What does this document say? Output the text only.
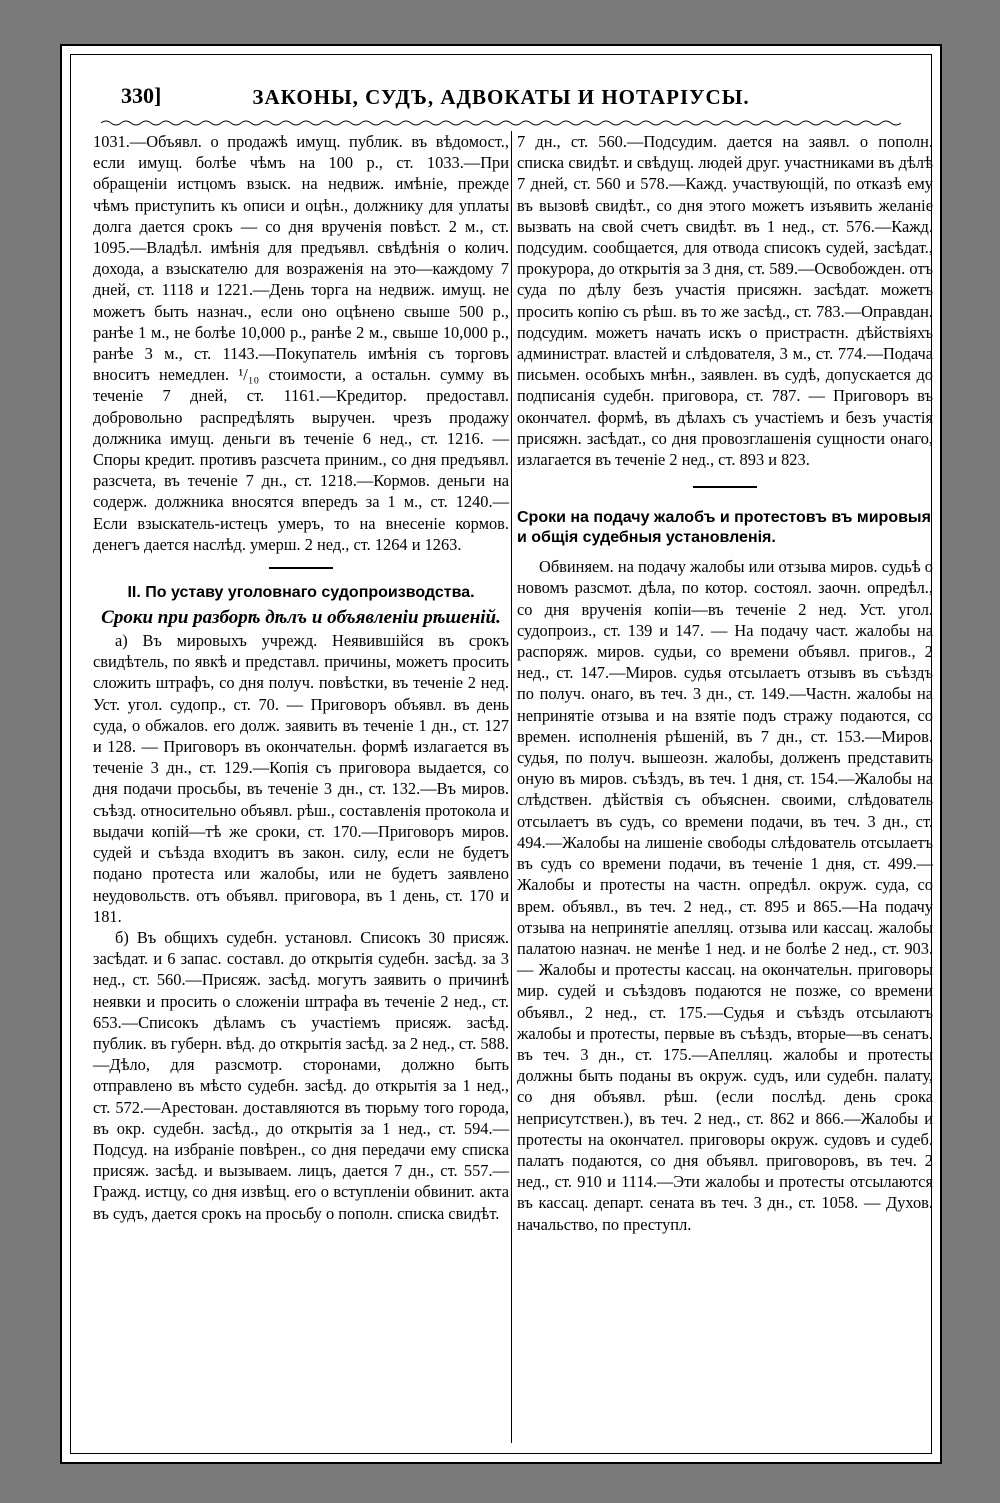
330]	ЗАКОНЫ, СУДЪ, АДВОКАТЫ И НОТАРІУСЫ.

1031.—Объявл. о продажѣ имущ. публик. въ вѣдомост., если имущ. болѣе чѣмъ на 100 р., ст. 1033.—При обращеніи истцомъ взыск. на недвиж. имѣніе, прежде чѣмъ приступить къ описи и оцѣн., должнику для уплаты долга дается срокъ — со дня врученія повѣст. 2 м., ст. 1095.—Владѣл. имѣнія для предъявл. свѣдѣнія о колич. дохода, а взыскателю для возраженія на это—каждому 7 дней, ст. 1118 и 1221.—День торга на недвиж. имущ. не можетъ быть назнач., если оно оцѣнено свыше 500 р., ранѣе 1 м., не болѣе 10,000 р., ранѣе 2 м., свыше 10,000 р., ранѣе 3 м., ст. 1143.—Покупатель имѣнія съ торговъ вноситъ немедлен. ¹/₁₀ стоимости, а остальн. сумму въ теченіе 7 дней, ст. 1161.—Кредитор. предоставл. добровольно распредѣлять выручен. чрезъ продажу должника имущ. деньги въ теченіе 6 нед., ст. 1216. — Споры кредит. противъ разсчета приним., со дня предъявл. разсчета, въ теченіе 7 дн., ст. 1218.—Кормов. деньги на содерж. должника вносятся впередъ за 1 м., ст. 1240.—Если взыскатель-истецъ умеръ, то на внесеніе кормов. денегъ дается наслѣд. умерш. 2 нед., ст. 1264 и 1263.

II. По уставу уголовнаго судопроизводства.
Сроки при разборѣ дѣлъ и объявленіи рѣшеній.

а) Въ мировыхъ учрежд. Неявившійся въ срокъ свидѣтель, по явкѣ и представл. причины, можетъ просить сложить штрафъ, со дня получ. повѣстки, въ теченіе 2 нед. Уст. угол. судопр., ст. 70. — Приговоръ объявл. въ день суда, о обжалов. его долж. заявить въ теченіе 1 дн., ст. 127 и 128. — Приговоръ въ окончательн. формѣ излагается въ теченіе 3 дн., ст. 129.—Копія съ приговора выдается, со дня подачи просьбы, въ теченіе 3 дн., ст. 132.—Въ миров. съѣзд. относительно объявл. рѣш., составленія протокола и выдачи копій—тѣ же сроки, ст. 170.—Приговоръ миров. судей и съѣзда входитъ въ закон. силу, если не будетъ подано протеста или жалобы, или не будетъ заявлено неудовольств. отъ объявл. приговора, въ 1 день, ст. 170 и 181.

б) Въ общихъ судебн. установл. Списокъ 30 присяж. засѣдат. и 6 запас. составл. до открытія судебн. засѣд. за 3 нед., ст. 560.—Присяж. засѣд. могутъ заявить о причинѣ неявки и просить о сложеніи штрафа въ теченіе 2 нед., ст. 653.—Списокъ дѣламъ съ участіемъ присяж. засѣд. публик. въ губерн. вѣд. до открытія засѣд. за 2 нед., ст. 588.—Дѣло, для разсмотр. сторонами, должно быть отправлено въ мѣсто судебн. засѣд. до открытія за 1 нед., ст. 572.—Арестован. доставляются въ тюрьму того города, въ окр. судебн. засѣд., до открытія за 1 нед., ст. 594.—Подсуд. на избраніе повѣрен., со дня передачи ему списка присяж. засѣд. и вызываем. лицъ, дается 7 дн., ст. 557.—Гражд. истцу, со дня извѣщ. его о вступленіи обвинит. акта въ судъ, дается срокъ на просьбу о пополн. списка свидѣт.

7 дн., ст. 560.—Подсудим. дается на заявл. о пополн. списка свидѣт. и свѣдущ. людей друг. участниками въ дѣлѣ 7 дней, ст. 560 и 578.—Кажд. участвующій, по отказѣ ему въ вызовѣ свидѣт., со дня этого можетъ изъявить желаніе вызвать на свой счетъ свидѣт. въ 1 нед., ст. 576.—Кажд. подсудим. сообщается, для отвода списокъ судей, засѣдат., прокурора, до открытія за 3 дня, ст. 589.—Освобожден. отъ суда по дѣлу безъ участія присяжн. засѣдат. можетъ просить копію съ рѣш. въ то же засѣд., ст. 783.—Оправдан. подсудим. можетъ начать искъ о пристрастн. дѣйствіяхъ администрат. властей и слѣдователя, 3 м., ст. 774.—Подача письмен. особыхъ мнѣн., заявлен. въ судѣ, допускается до подписанія судебн. приговора, ст. 787. — Приговоръ въ окончател. формѣ, въ дѣлахъ съ участіемъ и безъ участія присяжн. засѣдат., со дня провозглашенія сущности онаго, излагается въ теченіе 2 нед., ст. 893 и 823.

Сроки на подачу жалобъ и протестовъ въ мировыя и общія судебныя установленія.

Обвиняем. на подачу жалобы или отзыва миров. судьѣ о новомъ разсмот. дѣла, по котор. состоял. заочн. опредѣл., со дня врученія копіи—въ теченіе 2 нед. Уст. угол. судопроиз., ст. 139 и 147. — На подачу част. жалобы на распоряж. миров. судьи, со времени объявл. пригов., 2 нед., ст. 147.—Миров. судья отсылаетъ отзывъ въ съѣздъ по получ. онаго, въ теч. 3 дн., ст. 149.—Частн. жалобы на непринятіе отзыва и на взятіе подъ стражу подаются, со времен. исполненія рѣшеній, въ 7 дн., ст. 153.—Миров. судья, по получ. вышеозн. жалобы, долженъ представить оную въ миров. съѣздъ, въ теч. 1 дня, ст. 154.—Жалобы на слѣдствен. дѣйствія съ объяснен. своими, слѣдователь отсылаетъ въ судъ, со времени подачи, въ теч. 3 дн., ст. 494.—Жалобы на лишеніе свободы слѣдователь отсылаетъ въ судъ со времени подачи, въ теченіе 1 дня, ст. 499.—Жалобы и протесты на частн. опредѣл. окруж. суда, со врем. объявл., въ теч. 2 нед., ст. 895 и 865.—На подачу отзыва на непринятіе апелляц. отзыва или кассац. жалобы палатою назнач. не менѣе 1 нед. и не болѣе 2 нед., ст. 903. — Жалобы и протесты кассац. на окончательн. приговоры мир. судей и съѣздовъ подаются не позже, со времени объявл., 2 нед., ст. 175.—Судья и съѣздъ отсылаютъ жалобы и протесты, первые въ съѣздъ, вторые—въ сенатъ. въ теч. 3 дн., ст. 175.—Апелляц. жалобы и протесты должны быть поданы въ окруж. судъ, или судебн. палату, со дня объявл. рѣш. (если послѣд. день срока неприсутствен.), въ теч. 2 нед., ст. 862 и 866.—Жалобы и протесты на окончател. приговоры окруж. судовъ и судеб. палатъ подаются, со дня объявл. приговоровъ, въ теч. 2 нед., ст. 910 и 1114.—Эти жалобы и протесты отсылаются въ кассац. департ. сената въ теч. 3 дн., ст. 1058. — Духов. начальство, по преступл.
